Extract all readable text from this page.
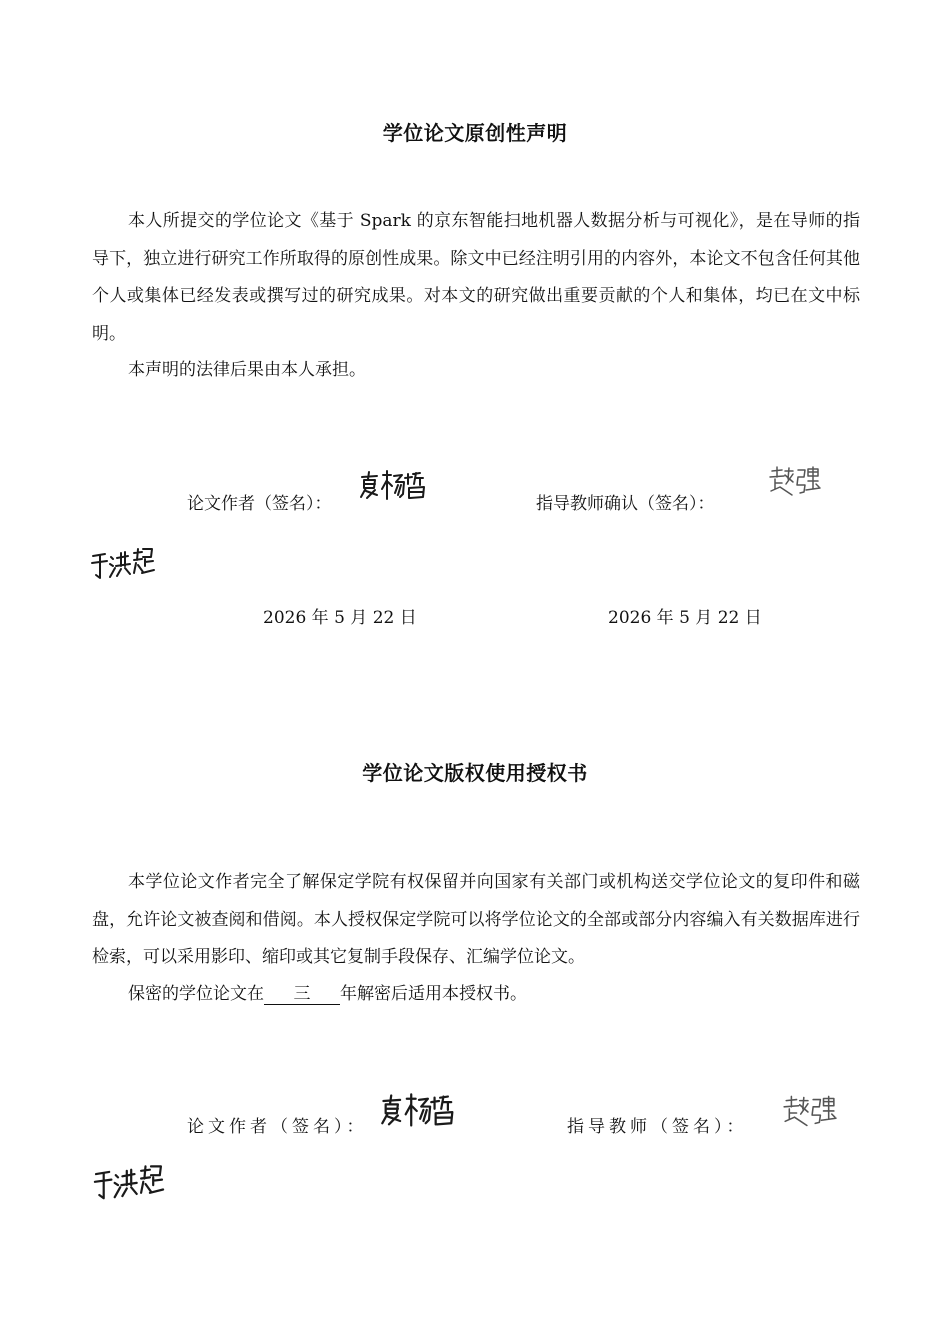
学位论文原创性声明

本人所提交的学位论文《基于 Spark 的京东智能扫地机器人数据分析与可视化》，是在导师的指导下，独立进行研究工作所取得的原创性成果。除文中已经注明引用的内容外，本论文不包含任何其他个人或集体已经发表或撰写过的研究成果。对本文的研究做出重要贡献的个人和集体，均已在文中标明。

本声明的法律后果由本人承担。

论文作者（签名）：	指导教师确认（签名）：
2026 年 5 月 22 日	2026 年 5 月 22 日
学位论文版权使用授权书

本学位论文作者完全了解保定学院有权保留并向国家有关部门或机构送交学位论文的复印件和磁盘，允许论文被查阅和借阅。本人授权保定学院可以将学位论文的全部或部分内容编入有关数据库进行检索，可以采用影印、缩印或其它复制手段保存、汇编学位论文。

保密的学位论文在 三 年解密后适用本授权书。

论文作者（签名）：	指导教师（签名）：
